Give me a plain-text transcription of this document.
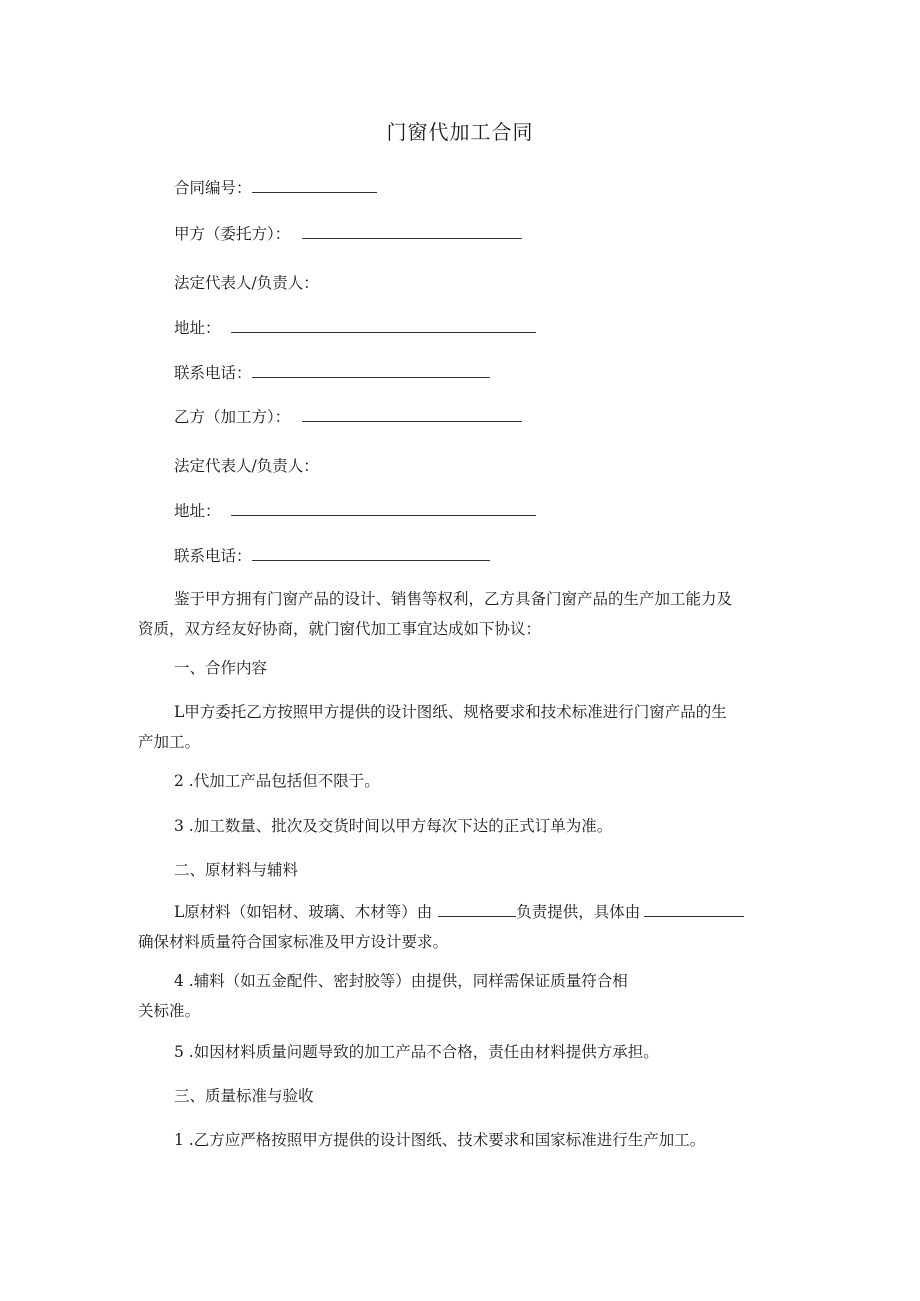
门窗代加工合同
合同编号：
甲方（委托方）：
法定代表人/负责人：
地址：
联系电话：
乙方（加工方）：
法定代表人/负责人：
地址：
联系电话：
鉴于甲方拥有门窗产品的设计、销售等权利，乙方具备门窗产品的生产加工能力及
资质，双方经友好协商，就门窗代加工事宜达成如下协议：
一、合作内容
L甲方委托乙方按照甲方提供的设计图纸、规格要求和技术标准进行门窗产品的生
产加工。
2 .代加工产品包括但不限于。
3 .加工数量、批次及交货时间以甲方每次下达的正式订单为准。
二、原材料与辅料
L原材料（如铝材、玻璃、木材等）由	负责提供，具体由
确保材料质量符合国家标准及甲方设计要求。
4 .辅料（如五金配件、密封胶等）由提供，同样需保证质量符合相
关标准。
5 .如因材料质量问题导致的加工产品不合格，责任由材料提供方承担。
三、质量标准与验收
1 .乙方应严格按照甲方提供的设计图纸、技术要求和国家标准进行生产加工。
